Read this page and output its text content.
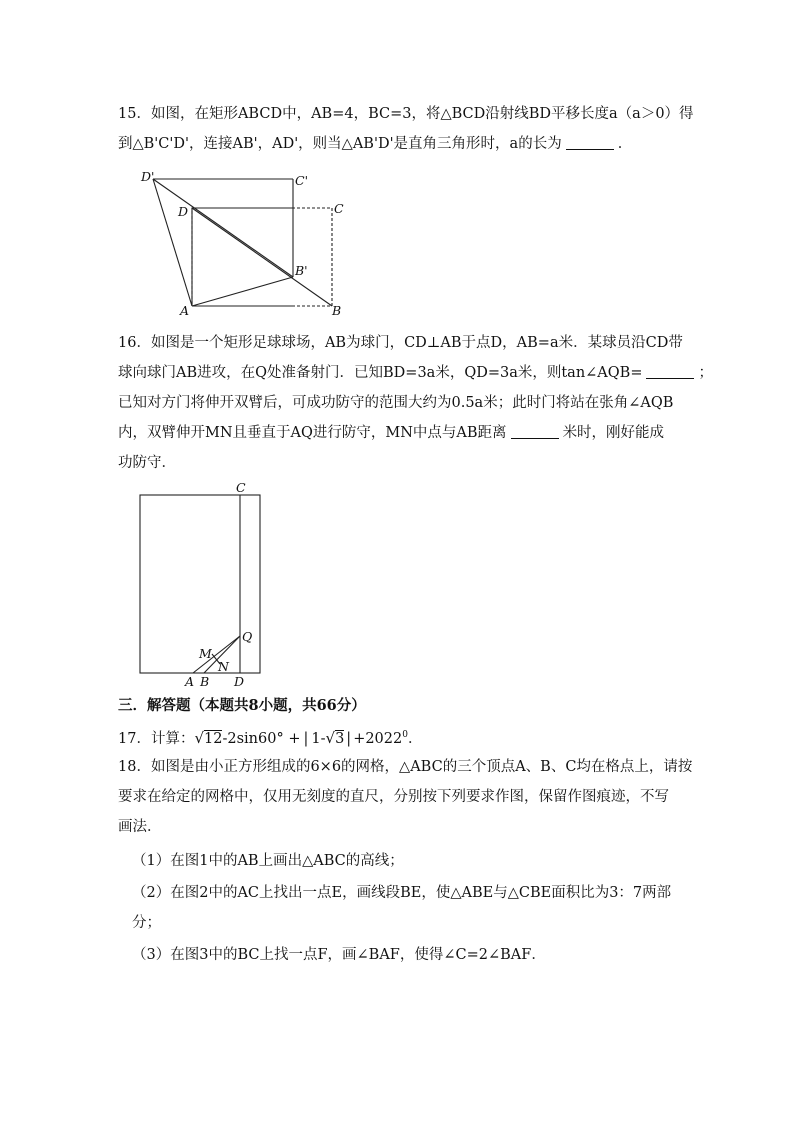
15．如图，在矩形ABCD中，AB=4，BC=3，将△BCD沿射线BD平移长度a（a＞0）得
到△B'C'D'，连接AB'，AD'，则当△AB'D'是直角三角形时，a的长为	．
D'	C'
D	C
B'
A	B
16．如图是一个矩形足球球场，AB为球门，CD⊥AB于点D，AB=a米．某球员沿CD带
球向球门AB进攻，在Q处准备射门．已知BD=3a米，QD=3a米，则tan∠AQB=	；
已知对方门将伸开双臂后，可成功防守的范围大约为0.5a米；此时门将站在张角∠AQB
内，双臂伸开MN且垂直于AQ进行防守，MN中点与AB距离	米时，刚好能成
功防守．
C
Q
M
N
A B D
三．解答题（本题共8小题，共66分）
17．计算：√12-2sin60° + | 1-√3 | $+2022^0$．
18．如图是由小正方形组成的6×6的网格，△ABC的三个顶点A、B、C均在格点上，请按
要求在给定的网格中，仅用无刻度的直尺，分别按下列要求作图，保留作图痕迹，不写
画法．
（1）在图1中的AB上画出△ABC的高线；
（2）在图2中的AC上找出一点E，画线段BE，使△ABE与△CBE面积比为3：7两部
分；
（3）在图3中的BC上找一点F，画∠BAF，使得∠C=2∠BAF．
